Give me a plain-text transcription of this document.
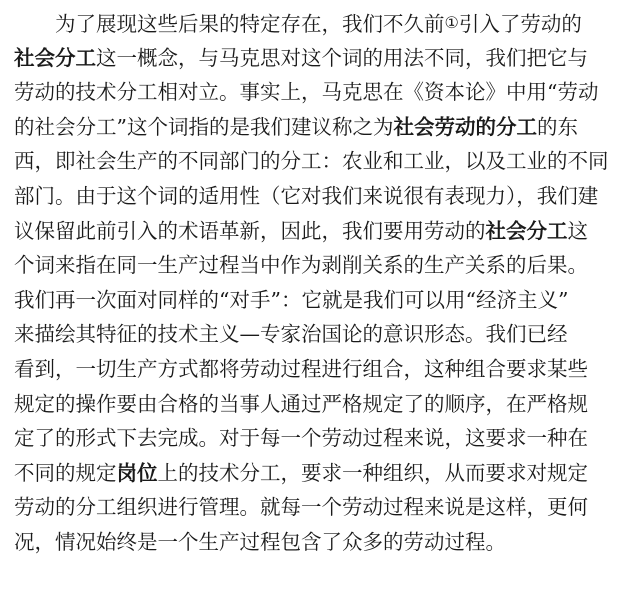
为了展现这些后果的特定存在，我们不久前①引入了劳动的
社会分工这一概念，与马克思对这个词的用法不同，我们把它与
劳动的技术分工相对立。事实上，马克思在《资本论》中用“劳动
的社会分工”这个词指的是我们建议称之为社会劳动的分工的东
西，即社会生产的不同部门的分工：农业和工业，以及工业的不同
部门。由于这个词的适用性（它对我们来说很有表现力），我们建
议保留此前引入的术语革新，因此，我们要用劳动的社会分工这
个词来指在同一生产过程当中作为剥削关系的生产关系的后果。
我们再一次面对同样的“对手”：它就是我们可以用“经济主义”
来描绘其特征的技术主义—专家治国论的意识形态。我们已经
看到，一切生产方式都将劳动过程进行组合，这种组合要求某些
规定的操作要由合格的当事人通过严格规定了的顺序，在严格规
定了的形式下去完成。对于每一个劳动过程来说，这要求一种在
不同的规定岗位上的技术分工，要求一种组织，从而要求对规定
劳动的分工组织进行管理。就每一个劳动过程来说是这样，更何
况，情况始终是一个生产过程包含了众多的劳动过程。
